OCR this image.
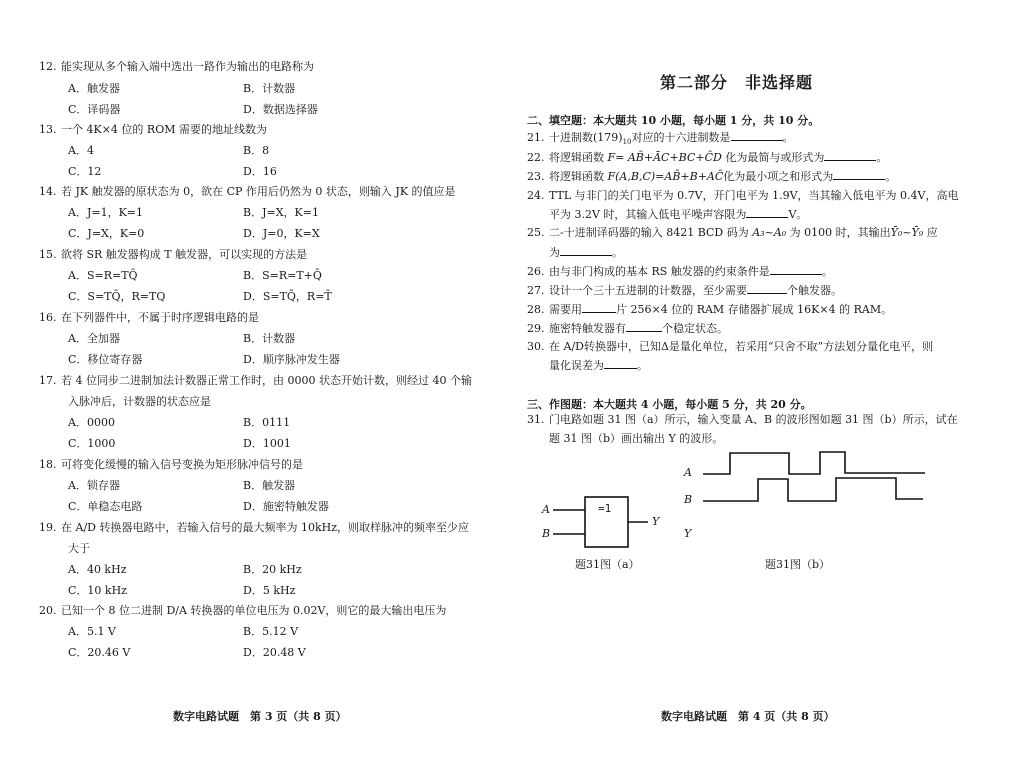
12. 能实现从多个输入端中选出一路作为输出的电路称为
A．触发器	B．计数器
C．译码器	D．数据选择器
13. 一个 4K×4 位的 ROM 需要的地址线数为
A．4	B．8
C．12	D．16
14. 若 JK 触发器的原状态为 0，欲在 CP 作用后仍然为 0 状态，则输入 JK 的值应是
A．J=1，K=1	B．J=X，K=1
C．J=X，K=0	D．J=0，K=X
15. 欲将 SR 触发器构成 T 触发器，可以实现的方法是
A．S=R=TQ̄	B．S=R=T+Q̄
C．S=TQ̄，R=TQ	D．S=TQ̄，R=T̄
16. 在下列器件中，不属于时序逻辑电路的是
A．全加器	B．计数器
C．移位寄存器	D．顺序脉冲发生器
17. 若 4 位同步二进制加法计数器正常工作时，由 0000 状态开始计数，则经过 40 个输
入脉冲后，计数器的状态应是
A．0000	B．0111
C．1000	D．1001
18. 可将变化缓慢的输入信号变换为矩形脉冲信号的是
A．锁存器	B．触发器
C．单稳态电路	D．施密特触发器
19. 在 A/D 转换器电路中，若输入信号的最大频率为 10kHz，则取样脉冲的频率至少应
大于
A．40 kHz	B．20 kHz
C．10 kHz	D．5 kHz
20. 已知一个 8 位二进制 D/A 转换器的单位电压为 0.02V，则它的最大输出电压为
A．5.1 V	B．5.12 V
C．20.46 V	D．20.48 V
数字电路试题　第 3 页（共 8 页）
第二部分　非选择题
二、填空题：本大题共 10 小题，每小题 1 分，共 10 分。
21. 十进制数$(179)_{10}$对应的十六进制数是	。
22. 将逻辑函数 F= AB̄+ĀC+BC+C̄D 化为最简与或形式为	。
23. 将逻辑函数 F(A,B,C)=AB̄+B+AC̄化为最小项之和形式为	。
24. TTL 与非门的关门电平为 0.7V，开门电平为 1.9V，当其输入低电平为 0.4V，高电
平为 3.2V 时，其输入低电平噪声容限为	V。
25. 二-十进制译码器的输入 8421 BCD 码为 A₃~A₀ 为 0100 时，其输出Ȳ₀~Ȳ₉ 应
为	。
26. 由与非门构成的基本 RS 触发器的约束条件是	。
27. 设计一个三十五进制的计数器，至少需要	个触发器。
28. 需要用	片 256×4 位的 RAM 存储器扩展成 16K×4 的 RAM。
29. 施密特触发器有	个稳定状态。
30. 在 A/D转换器中，已知Δ是量化单位，若采用“只舍不取”方法划分量化电平，则
量化误差为	。
三、作图题：本大题共 4 小题，每小题 5 分，共 20 分。
31. 门电路如题 31 图（a）所示，输入变量 A、B 的波形图如题 31 图（b）所示，试在
题 31 图（b）画出输出 Y 的波形。
=1
A
B
Y
题31图（a）
A
B
Y
题31图（b）
数字电路试题　第 4 页（共 8 页）
